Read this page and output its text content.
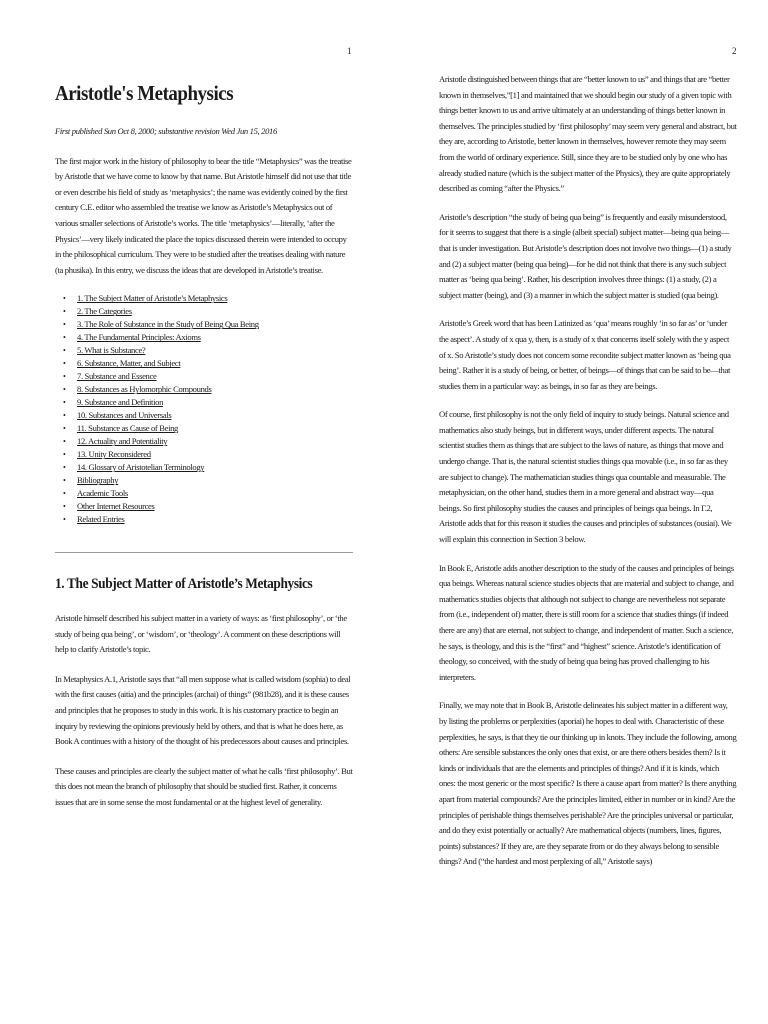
1	2
Aristotle's Metaphysics
First published Sun Oct 8, 2000; substantive revision Wed Jun 15, 2016

The first major work in the history of philosophy to bear the title “Metaphysics” was the treatise by Aristotle that we have come to know by that name. But Aristotle himself did not use that title or even describe his field of study as ‘metaphysics’; the name was evidently coined by the first century C.E. editor who assembled the treatise we know as Aristotle’s Metaphysics out of various smaller selections of Aristotle’s works. The title ‘metaphysics’—literally, ‘after the Physics’—very likely indicated the place the topics discussed therein were intended to occupy in the philosophical curriculum. They were to be studied after the treatises dealing with nature (ta phusika). In this entry, we discuss the ideas that are developed in Aristotle’s treatise.

• 1. The Subject Matter of Aristotle’s Metaphysics
• 2. The Categories
• 3. The Role of Substance in the Study of Being Qua Being
• 4. The Fundamental Principles: Axioms
• 5. What is Substance?
• 6. Substance, Matter, and Subject
• 7. Substance and Essence
• 8. Substances as Hylomorphic Compounds
• 9. Substance and Definition
• 10. Substances and Universals
• 11. Substance as Cause of Being
• 12. Actuality and Potentiality
• 13. Unity Reconsidered
• 14. Glossary of Aristotelian Terminology
• Bibliography
• Academic Tools
• Other Internet Resources
• Related Entries
1. The Subject Matter of Aristotle’s Metaphysics

Aristotle himself described his subject matter in a variety of ways: as ‘first philosophy’, or ‘the study of being qua being’, or ‘wisdom’, or ‘theology’. A comment on these descriptions will help to clarify Aristotle’s topic.

In Metaphysics A.1, Aristotle says that “all men suppose what is called wisdom (sophia) to deal with the first causes (aitia) and the principles (archai) of things” (981b28), and it is these causes and principles that he proposes to study in this work. It is his customary practice to begin an inquiry by reviewing the opinions previously held by others, and that is what he does here, as Book A continues with a history of the thought of his predecessors about causes and principles.

These causes and principles are clearly the subject matter of what he calls ‘first philosophy’. But this does not mean the branch of philosophy that should be studied first. Rather, it concerns issues that are in some sense the most fundamental or at the highest level of generality.

Aristotle distinguished between things that are “better known to us” and things that are “better known in themselves,”[1] and maintained that we should begin our study of a given topic with things better known to us and arrive ultimately at an understanding of things better known in themselves. The principles studied by ‘first philosophy’ may seem very general and abstract, but they are, according to Aristotle, better known in themselves, however remote they may seem from the world of ordinary experience. Still, since they are to be studied only by one who has already studied nature (which is the subject matter of the Physics), they are quite appropriately described as coming “after the Physics.”

Aristotle’s description “the study of being qua being” is frequently and easily misunderstood, for it seems to suggest that there is a single (albeit special) subject matter—being qua being—that is under investigation. But Aristotle’s description does not involve two things—(1) a study and (2) a subject matter (being qua being)—for he did not think that there is any such subject matter as ‘being qua being’. Rather, his description involves three things: (1) a study, (2) a subject matter (being), and (3) a manner in which the subject matter is studied (qua being).

Aristotle’s Greek word that has been Latinized as ‘qua’ means roughly ‘in so far as’ or ‘under the aspect’. A study of x qua y, then, is a study of x that concerns itself solely with the y aspect of x. So Aristotle’s study does not concern some recondite subject matter known as ‘being qua being’. Rather it is a study of being, or better, of beings—of things that can be said to be—that studies them in a particular way: as beings, in so far as they are beings.

Of course, first philosophy is not the only field of inquiry to study beings. Natural science and mathematics also study beings, but in different ways, under different aspects. The natural scientist studies them as things that are subject to the laws of nature, as things that move and undergo change. That is, the natural scientist studies things qua movable (i.e., in so far as they are subject to change). The mathematician studies things qua countable and measurable. The metaphysician, on the other hand, studies them in a more general and abstract way—qua beings. So first philosophy studies the causes and principles of beings qua beings. In Γ.2, Aristotle adds that for this reason it studies the causes and principles of substances (ousiai). We will explain this connection in Section 3 below.

In Book E, Aristotle adds another description to the study of the causes and principles of beings qua beings. Whereas natural science studies objects that are material and subject to change, and mathematics studies objects that although not subject to change are nevertheless not separate from (i.e., independent of) matter, there is still room for a science that studies things (if indeed there are any) that are eternal, not subject to change, and independent of matter. Such a science, he says, is theology, and this is the “first” and “highest” science. Aristotle’s identification of theology, so conceived, with the study of being qua being has proved challenging to his interpreters.

Finally, we may note that in Book B, Aristotle delineates his subject matter in a different way, by listing the problems or perplexities (aporiai) he hopes to deal with. Characteristic of these perplexities, he says, is that they tie our thinking up in knots. They include the following, among others: Are sensible substances the only ones that exist, or are there others besides them? Is it kinds or individuals that are the elements and principles of things? And if it is kinds, which ones: the most generic or the most specific? Is there a cause apart from matter? Is there anything apart from material compounds? Are the principles limited, either in number or in kind? Are the principles of perishable things themselves perishable? Are the principles universal or particular, and do they exist potentially or actually? Are mathematical objects (numbers, lines, figures, points) substances? If they are, are they separate from or do they always belong to sensible things? And (“the hardest and most perplexing of all,” Aristotle says)
